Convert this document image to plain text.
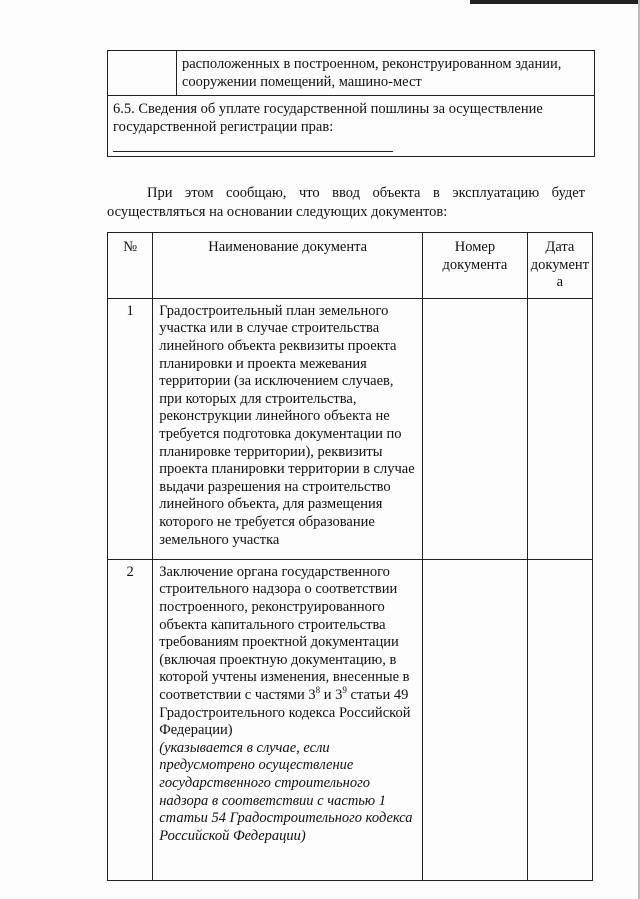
	расположенных в построенном, реконструированном здании, сооружении помещений, машино-мест
6.5. Сведения об уплате государственной пошлины за осуществление государственной регистрации прав:

При этом сообщаю, что ввод объекта в эксплуатацию будет осуществляться на основании следующих документов:

№	Наименование документа	Номер документа	Дата документ а
1	Градостроительный план земельного участка или в случае строительства линейного объекта реквизиты проекта планировки и проекта межевания территории (за исключением случаев, при которых для строительства, реконструкции линейного объекта не требуется подготовка документации по планировке территории), реквизиты проекта планировки территории в случае выдачи разрешения на строительство линейного объекта, для размещения которого не требуется образование земельного участка		
2	Заключение органа государственного строительного надзора о соответствии построенного, реконструированного объекта капитального строительства требованиям проектной документации (включая проектную документацию, в которой учтены изменения, внесенные в соответствии с частями $3^8$ и $3^9$ статьи 49 Градостроительного кодекса Российской Федерации)
(указывается в случае, если предусмотрено осуществление государственного строительного надзора в соответствии с частью 1 статьи 54 Градостроительного кодекса Российской Федерации)		
